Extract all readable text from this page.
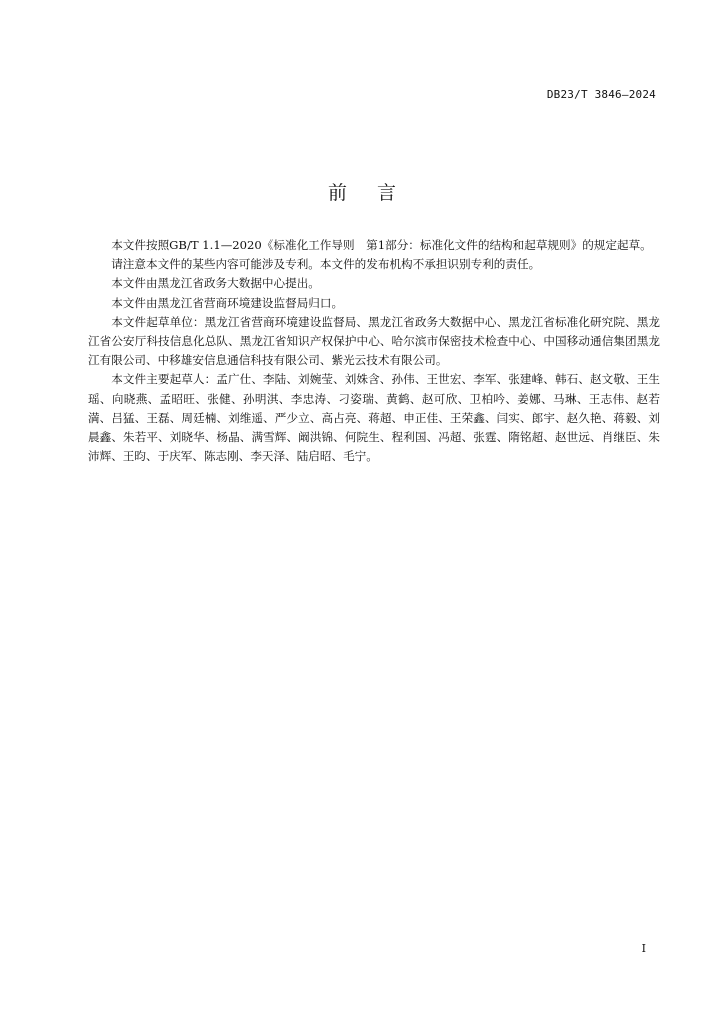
DB23/T 3846—2024
前言

本文件按照GB/T 1.1—2020《标准化工作导则　第1部分：标准化文件的结构和起草规则》的规定起草。

请注意本文件的某些内容可能涉及专利。本文件的发布机构不承担识别专利的责任。

本文件由黑龙江省政务大数据中心提出。

本文件由黑龙江省营商环境建设监督局归口。

本文件起草单位：黑龙江省营商环境建设监督局、黑龙江省政务大数据中心、黑龙江省标准化研究院、黑龙江省公安厅科技信息化总队、黑龙江省知识产权保护中心、哈尔滨市保密技术检查中心、中国移动通信集团黑龙江有限公司、中移雄安信息通信科技有限公司、紫光云技术有限公司。

本文件主要起草人：孟广仕、李陆、刘婉莹、刘姝含、孙伟、王世宏、李军、张建峰、韩石、赵文敬、王生瑶、向晓燕、孟昭旺、张健、孙明淇、李忠涛、刁姿瑞、黄鹤、赵可欣、卫柏吟、姜娜、马琳、王志伟、赵若満、吕猛、王磊、周廷楠、刘维遥、严少立、高占亮、蒋超、申正佳、王荣鑫、闫实、郎宇、赵久艳、蒋毅、刘晨鑫、朱若平、刘晓华、杨晶、满雪辉、阚洪锦、何院生、程利国、冯超、张霆、隋铭超、赵世远、肖继臣、朱沛辉、王昀、于庆军、陈志刚、李天泽、陆启昭、毛宁。

I
